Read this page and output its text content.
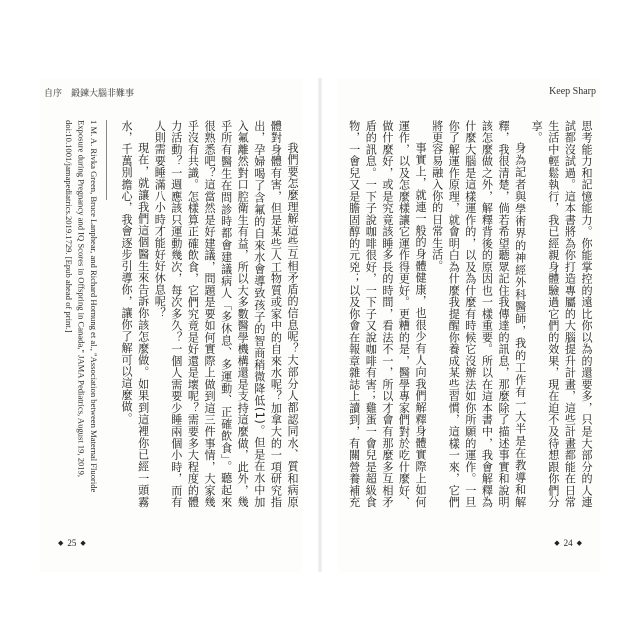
自序　鍛鍊大腦非難事

我們要怎麼理解這些互相矛盾的信息呢？大部分人都認同水、質和病原體對身體有害，但是某些人工物質或家中的自來水呢？加拿大的一項研究指出，孕婦喝了含氟的自來水會導致孩子的智商稍微降低(1)。但是在水中加入氟離然對口腔衛生有益，所以大多數醫學機構還是支持這麼做，此外，幾乎所有醫生在問診時都會建議病人「多休息、多運動、正確飲食」。聽起來很熟悉吧？這當然是好建議，問題是要如何實際上做到這三件事情，大家幾乎沒有共識。怎樣算正確飲食，它們究竟是好還是壞呢？需要多大程度的體力活動？一週應該只運動幾次，每次多久？一個人需要少睡兩個小時，而有人則需要睡滿八小時才能好好休息呢？

現在，就讓我們這個醫生來告訴你該怎麼做。如果到這裡你已經一頭霧水，千萬別擔心，我會逐步引導你，讓你了解可以這麼做。

1 M. A. Rivka Green, Bruce Lanphear, and Richard Hornung et al., "Association between Maternal Fluoride Exposure during Pregnancy and IQ Scores in Offspring in Canada," JAMA Pediatrics, August 19, 2019, doi:10.1001/jamapediatrics.2019.1729. [Epub ahead of print.]
◆ 25 ◆
Keep Sharp

思考能力和記憶能力。你能掌控的遠比你以為的還要多，只是大部分的人連試都沒試過。這本書將為你打造專屬的大腦提升計畫，這些計畫都能在日常生活中輕鬆執行，我已經親身體驗過它們的效果，現在迫不及待想跟你們分享。

身為記者與學術界的神經外科醫師，我的工作有一大半是在教導和解釋，我很清楚，倘若希望聽眾記住我傳達的訊息，那麼除了描述事實和說明該怎麼做之外，解釋背後的原因也一樣重要。所以在這本書中，我會解釋為什麼大腦是這樣運作的，以及為什麼有時候它沒辦法如你所願的運作。一旦你了解運作原理，就會明白為什麼我提醒你養成某些習慣，這樣一來，它們將更容易融入你的日常生活。

事實上，就連一般的身體健康，也很少有人向我們解釋身體實際上如何運作，以及怎麼樣讓它運作得更好。更糟的是，醫學專家們對於吃什麼好、做什麼好，或是究竟該睡多長的時間，看法不一，所以才會有那麼多互相矛盾的訊息。一下子說咖啡很好，一下子又說咖啡有害；雞蛋一會兒是超級食物，一會兒又是膽固醇的元兇；以及你會在報章雜誌上讀到，有關營養補充

◆ 24 ◆
